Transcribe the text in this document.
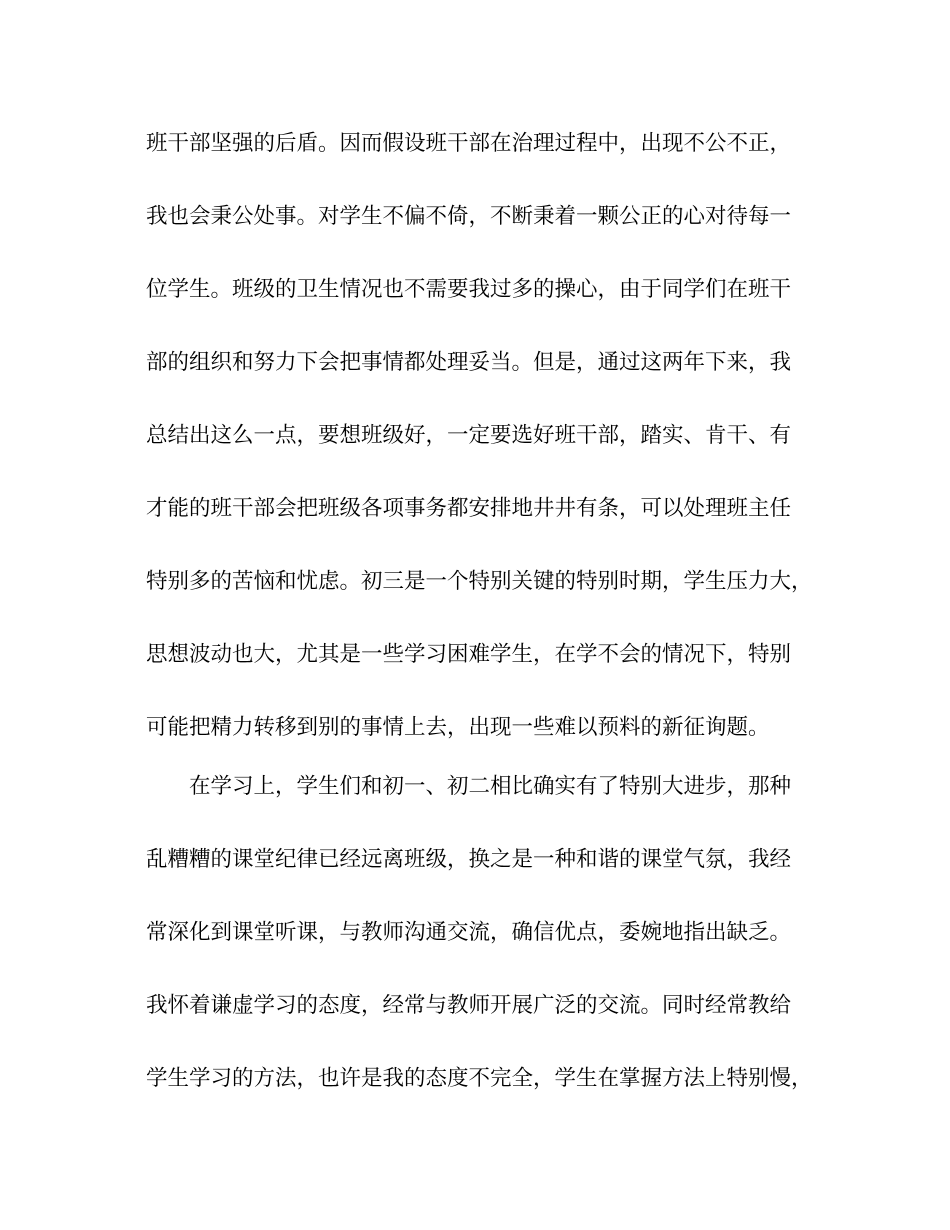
班干部坚强的后盾。因而假设班干部在治理过程中，出现不公不正，

我也会秉公处事。对学生不偏不倚，不断秉着一颗公正的心对待每一

位学生。班级的卫生情况也不需要我过多的操心，由于同学们在班干

部的组织和努力下会把事情都处理妥当。但是，通过这两年下来，我

总结出这么一点，要想班级好，一定要选好班干部，踏实、肯干、有

才能的班干部会把班级各项事务都安排地井井有条，可以处理班主任

特别多的苦恼和忧虑。初三是一个特别关键的特别时期，学生压力大，

思想波动也大，尤其是一些学习困难学生，在学不会的情况下，特别

可能把精力转移到别的事情上去，出现一些难以预料的新征询题。

在学习上，学生们和初一、初二相比确实有了特别大进步，那种

乱糟糟的课堂纪律已经远离班级，换之是一种和谐的课堂气氛，我经

常深化到课堂听课，与教师沟通交流，确信优点，委婉地指出缺乏。

我怀着谦虚学习的态度，经常与教师开展广泛的交流。同时经常教给

学生学习的方法，也许是我的态度不完全，学生在掌握方法上特别慢，
